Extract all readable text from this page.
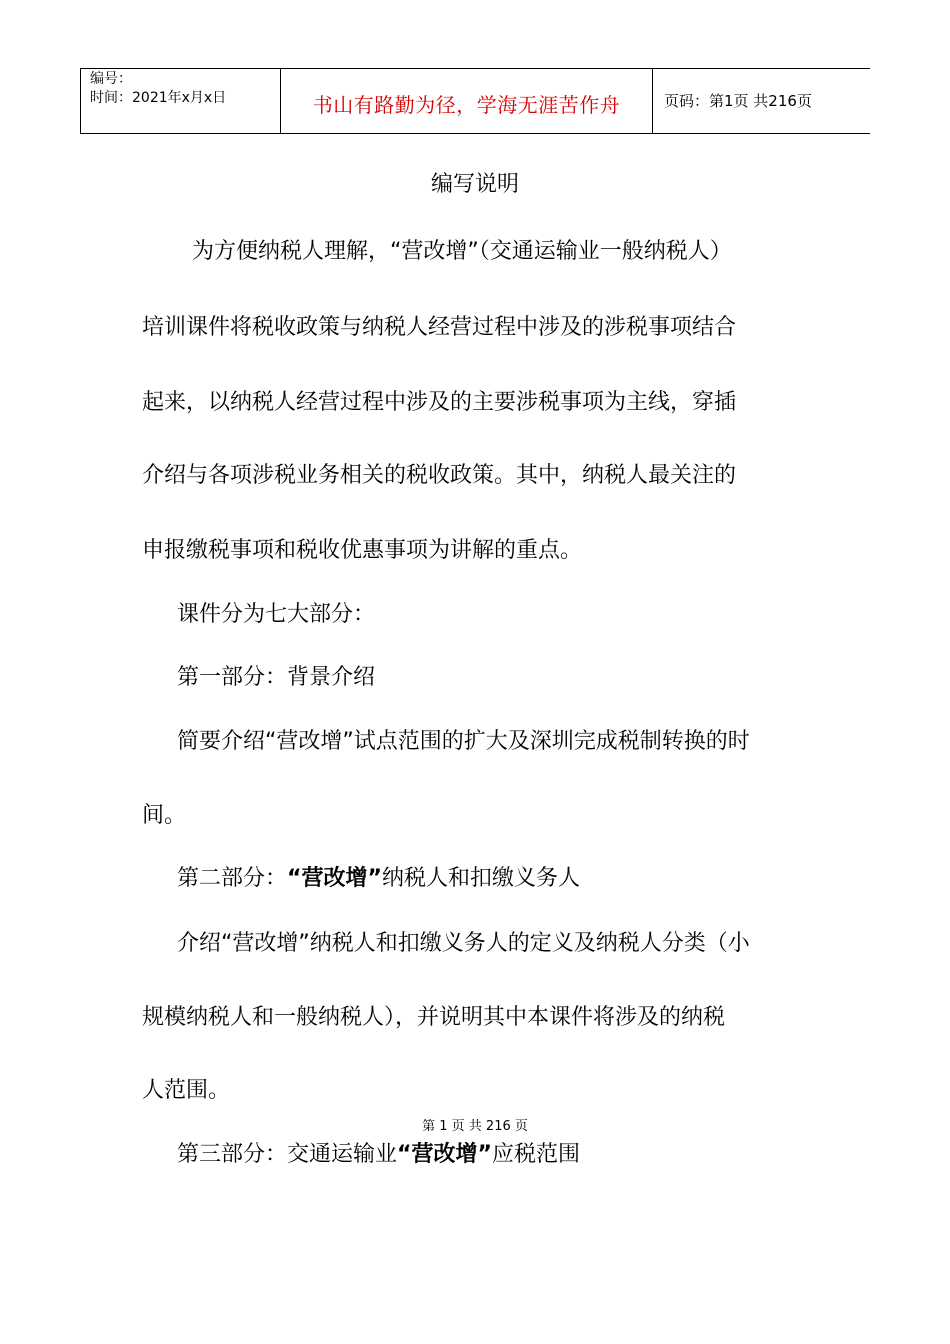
编号：
时间：2021年x月x日	书山有路勤为径，学海无涯苦作舟	页码：第1页 共216页
编写说明
为方便纳税人理解，“营改增”（交通运输业一般纳税人）
培训课件将税收政策与纳税人经营过程中涉及的涉税事项结合
起来，以纳税人经营过程中涉及的主要涉税事项为主线，穿插
介绍与各项涉税业务相关的税收政策。其中，纳税人最关注的
申报缴税事项和税收优惠事项为讲解的重点。
课件分为七大部分：
第一部分：背景介绍
简要介绍“营改增”试点范围的扩大及深圳完成税制转换的时
间。
第二部分：“营改增”纳税人和扣缴义务人
介绍“营改增”纳税人和扣缴义务人的定义及纳税人分类（小
规模纳税人和一般纳税人），并说明其中本课件将涉及的纳税
人范围。
第三部分：交通运输业“营改增”应税范围
第 1 页 共 216 页
